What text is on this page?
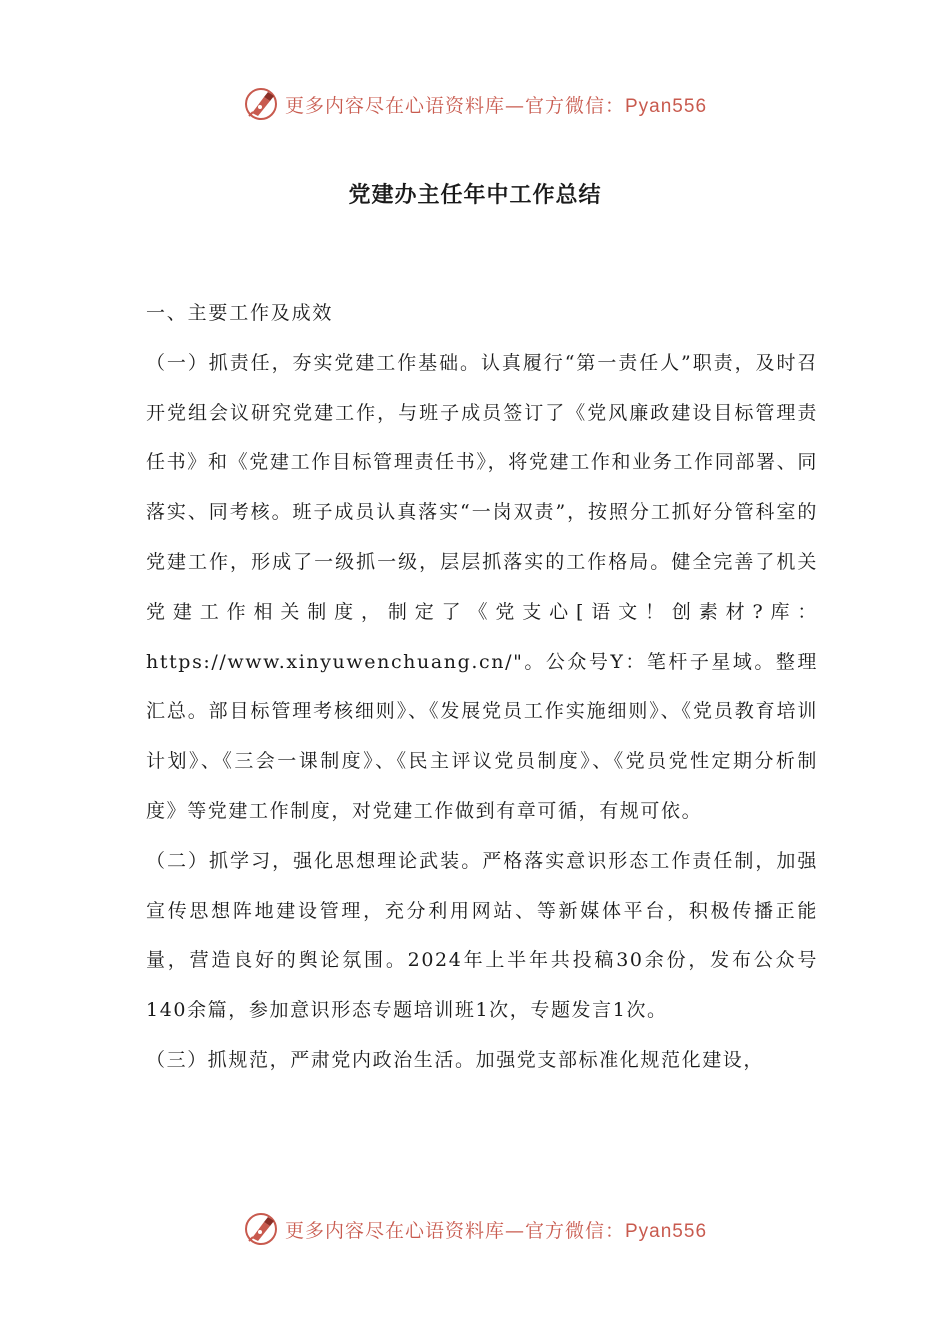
更多内容尽在心语资料库—官方微信：Pyan556
党建办主任年中工作总结

一、主要工作及成效

（一）抓责任，夯实党建工作基础。认真履行“第一责任人”职责，及时召开党组会议研究党建工作，与班子成员签订了《党风廉政建设目标管理责任书》和《党建工作目标管理责任书》，将党建工作和业务工作同部署、同落实、同考核。班子成员认真落实“一岗双责”，按照分工抓好分管科室的党建工作，形成了一级抓一级，层层抓落实的工作格局。健全完善了机关党建工作相关制度，制定了《党支心[语文！创素材?库：https://www.xinyuwenchuang.cn/"。公众号Y：笔杆子星域。整理汇总。部目标管理考核细则》、《发展党员工作实施细则》、《党员教育培训计划》、《三会一课制度》、《民主评议党员制度》、《党员党性定期分析制度》等党建工作制度，对党建工作做到有章可循，有规可依。

（二）抓学习，强化思想理论武装。严格落实意识形态工作责任制，加强宣传思想阵地建设管理，充分利用网站、等新媒体平台，积极传播正能量，营造良好的舆论氛围。2024年上半年共投稿30余份，发布公众号140余篇，参加意识形态专题培训班1次，专题发言1次。

（三）抓规范，严肃党内政治生活。加强党支部标准化规范化建设，

更多内容尽在心语资料库—官方微信：Pyan556
